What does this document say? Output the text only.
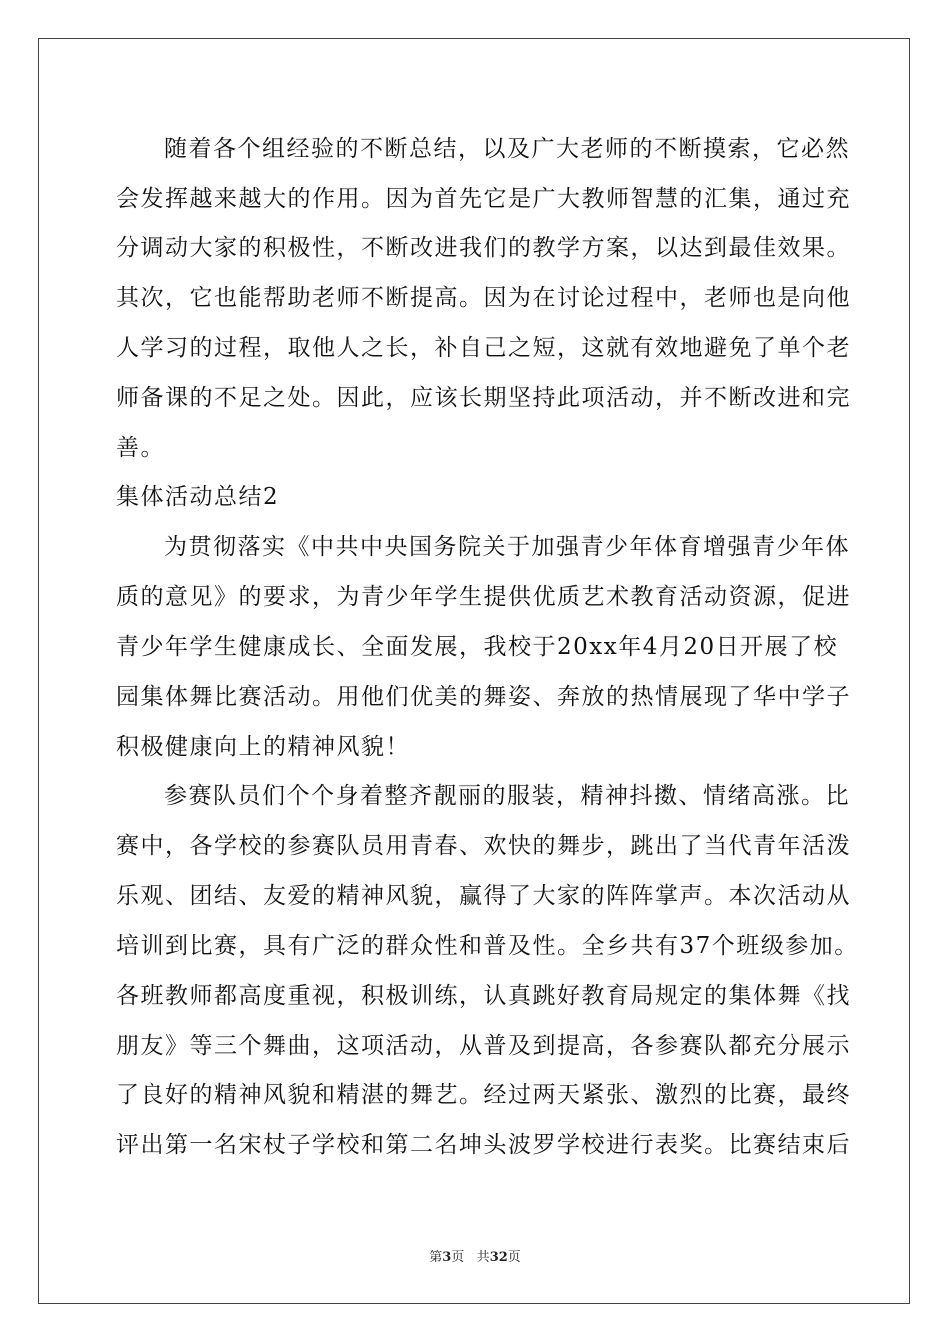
随着各个组经验的不断总结，以及广大老师的不断摸索，它必然
会发挥越来越大的作用。因为首先它是广大教师智慧的汇集，通过充
分调动大家的积极性，不断改进我们的教学方案，以达到最佳效果。
其次，它也能帮助老师不断提高。因为在讨论过程中，老师也是向他
人学习的过程，取他人之长，补自己之短，这就有效地避免了单个老
师备课的不足之处。因此，应该长期坚持此项活动，并不断改进和完
善。
集体活动总结2
为贯彻落实《中共中央国务院关于加强青少年体育增强青少年体
质的意见》的要求，为青少年学生提供优质艺术教育活动资源，促进
青少年学生健康成长、全面发展，我校于20xx年4月20日开展了校
园集体舞比赛活动。用他们优美的舞姿、奔放的热情展现了华中学子
积极健康向上的精神风貌！
参赛队员们个个身着整齐靓丽的服装，精神抖擞、情绪高涨。比
赛中，各学校的参赛队员用青春、欢快的舞步，跳出了当代青年活泼
乐观、团结、友爱的精神风貌，赢得了大家的阵阵掌声。本次活动从
培训到比赛，具有广泛的群众性和普及性。全乡共有37个班级参加。
各班教师都高度重视，积极训练，认真跳好教育局规定的集体舞《找
朋友》等三个舞曲，这项活动，从普及到提高，各参赛队都充分展示
了良好的精神风貌和精湛的舞艺。经过两天紧张、激烈的比赛，最终
评出第一名宋杖子学校和第二名坤头波罗学校进行表奖。比赛结束后
第3页 共32页
